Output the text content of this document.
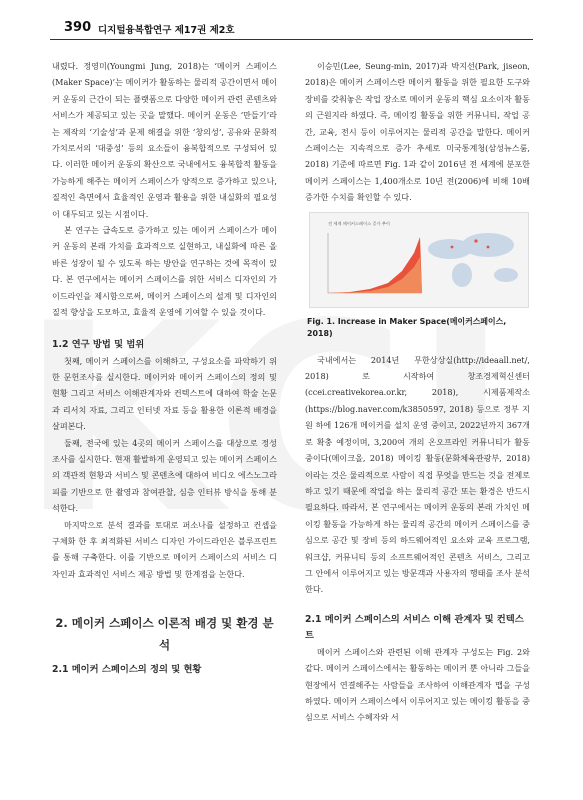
390 디지털융복합연구 제17권 제2호

내렸다. 정영미(Youngmi Jung, 2018)는 ‘메이커 스페이스(Maker Space)’는 메이커가 활동하는 물리적 공간이면서 메이커 운동의 근간이 되는 플랫폼으로 다양한 메이커 관련 콘텐츠와 서비스가 제공되고 있는 곳을 말했다. 메이커 운동은 ‘만들기’라는 제작의 ‘기술성’과 문제 해결을 위한 ‘창의성’, 공유와 문화적 가치로서의 ‘대중성’ 등의 요소들이 융복합적으로 구성되어 있다. 이러한 메이커 운동의 확산으로 국내에서도 융복합적 활동을 가능하게 해주는 메이커 스페이스가 양적으로 증가하고 있으나, 질적인 측면에서 효율적인 운영과 활용을 위한 내실화의 필요성이 대두되고 있는 시점이다.

본 연구는 급속도로 증가하고 있는 메이커 스페이스가 메이커 운동의 본래 가치를 효과적으로 실현하고, 내실화에 따른 올바른 성장이 될 수 있도록 하는 방안을 연구하는 것에 목적이 있다. 본 연구에서는 메이커 스페이스를 위한 서비스 디자인의 가이드라인을 제시함으로써, 메이커 스페이스의 설계 및 디자인의 질적 향상을 도모하고, 효율적 운영에 기여할 수 있을 것이다.

1.2 연구 방법 및 범위

첫째, 메이커 스페이스를 이해하고, 구성요소를 파악하기 위한 문헌조사를 실시한다. 메이커와 메이커 스페이스의 정의 및 현황 그리고 서비스 이해관계자와 컨텍스트에 대하여 학술 논문과 리서치 자료, 그리고 인터넷 자료 등을 활용한 이론적 배경을 살펴본다.

둘째, 전국에 있는 4곳의 메이커 스페이스를 대상으로 정성조사를 실시한다. 현재 활발하게 운영되고 있는 메이커 스페이스의 객관적 현황과 서비스 및 콘텐츠에 대하여 비디오 에스노그라피를 기반으로 한 촬영과 참여관찰, 심층 인터뷰 방식을 통해 분석한다.

마지막으로 분석 결과를 토대로 퍼소나를 설정하고 컨셉을 구체화 한 후 최적화된 서비스 디자인 가이드라인은 블루프린트를 통해 구축한다. 이를 기반으로 메이커 스페이스의 서비스 디자인과 효과적인 서비스 제공 방법 및 한계점을 논한다.

2. 메이커 스페이스 이론적 배경 및 환경 분석

2.1 메이커 스페이스의 정의 및 현황

이승민(Lee, Seung-min, 2017)과 박지선(Park, jiseon, 2018)은 메이커 스페이스란 메이커 활동을 위한 필요한 도구와 장비를 갖춰놓은 작업 장소로 메이커 운동의 핵심 요소이자 활동의 근원지라 하였다. 즉, 메이킹 활동을 위한 커뮤니티, 작업 공간, 교육, 전시 등이 이루어지는 물리적 공간을 말한다. 메이커 스페이스는 지속적으로 증가 추세로 미국통계청(삼성뉴스룸, 2018) 기준에 따르면 Fig. 1과 같이 2016년 전 세계에 분포한 메이커 스페이스는 1,400개소로 10년 전(2006)에 비해 10배 증가한 수치를 확인할 수 있다.

전 세계 메이커스페이스 증가 추이

Fig. 1. Increase in Maker Space(메이커스페이스, 2018)

국내에서는 2014년 무한상상실(http://ideaall.net/, 2018) 로 시작하여 창조경제혁신센터(ccei.creativekorea.or.kr, 2018), 시제품제작소(https://blog.naver.com/k3850597, 2018) 등으로 정부 지원 하에 126개 메이커를 설치 운영 중이고, 2022년까지 367개로 확충 예정이며, 3,200여 개의 온오프라인 커뮤니티가 활동 중이다(메이크올, 2018) 메이킹 활동(문화체육관광부, 2018)이라는 것은 물리적으로 사람이 직접 무엇을 만드는 것을 전제로 하고 있기 때문에 작업을 하는 물리적 공간 또는 환경은 반드시 필요하다. 따라서, 본 연구에서는 메이커 운동의 본래 가치인 메이킹 활동을 가능하게 하는 물리적 공간의 메이커 스페이스를 중심으로 공간 및 장비 등의 하드웨어적인 요소와 교육 프로그램, 워크샵, 커뮤니티 등의 소프트웨어적인 콘텐츠 서비스, 그리고 그 안에서 이루어지고 있는 방문객과 사용자의 행태를 조사 분석한다.

2.1 메이커 스페이스의 서비스 이해 관계자 및 컨텍스트

메이커 스페이스와 관련된 이해 관계자 구성도는 Fig. 2와 같다. 메이커 스페이스에서는 활동하는 메이커 뿐 아니라 그들을 현장에서 연결해주는 사람들을 조사하여 이해관계자 맵을 구성하였다. 메이커 스페이스에서 이루어지고 있는 메이킹 활동을 중심으로 서비스 수혜자와 서
